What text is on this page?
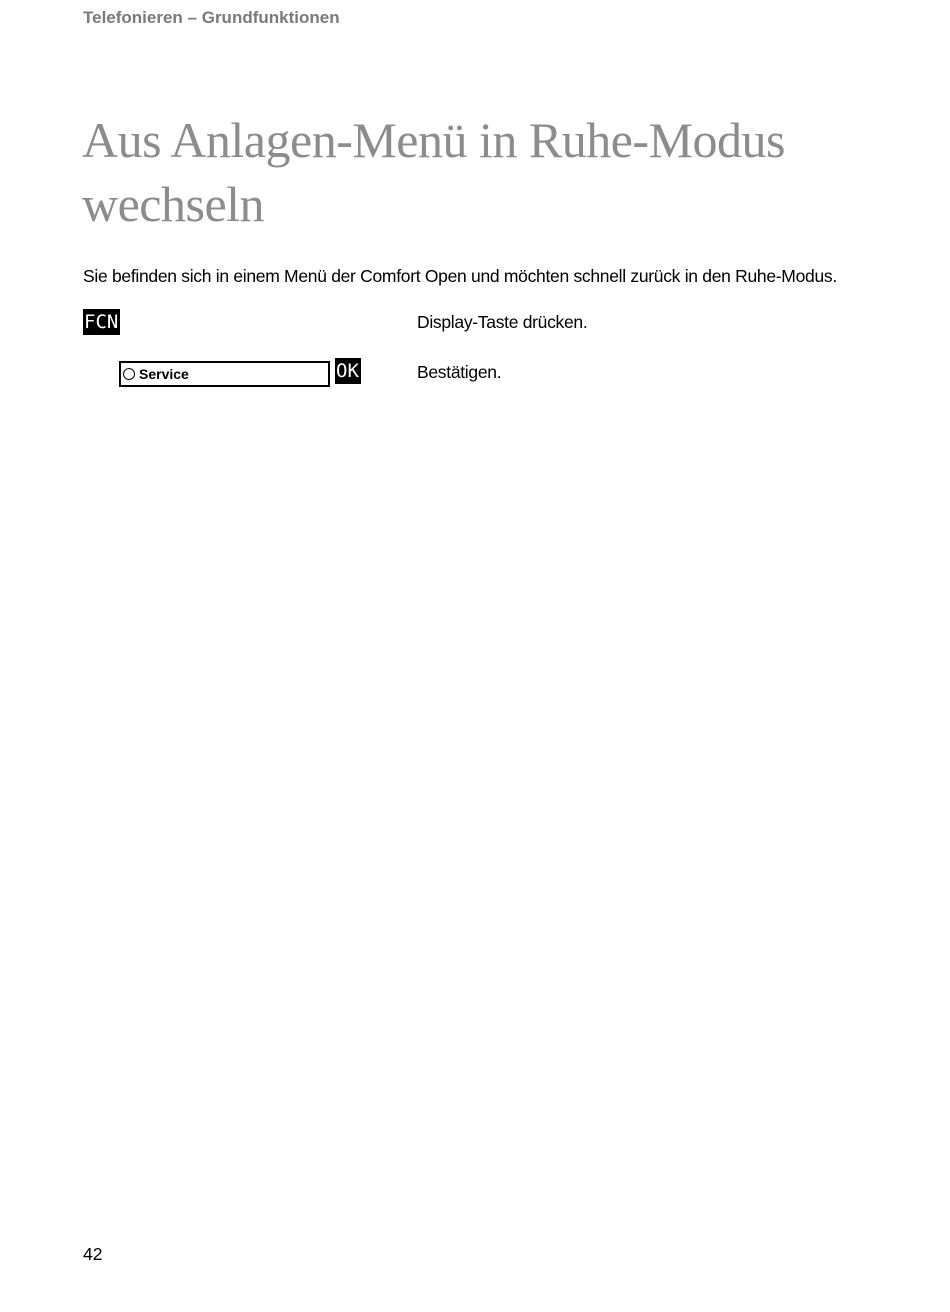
Telefonieren – Grundfunktionen
Aus Anlagen-Menü in Ruhe-Modus wechseln
Sie befinden sich in einem Menü der Comfort Open und möchten schnell zurück in den Ruhe-Modus.
FCN	Display-Taste drücken.
Service	OK	Bestätigen.
42
